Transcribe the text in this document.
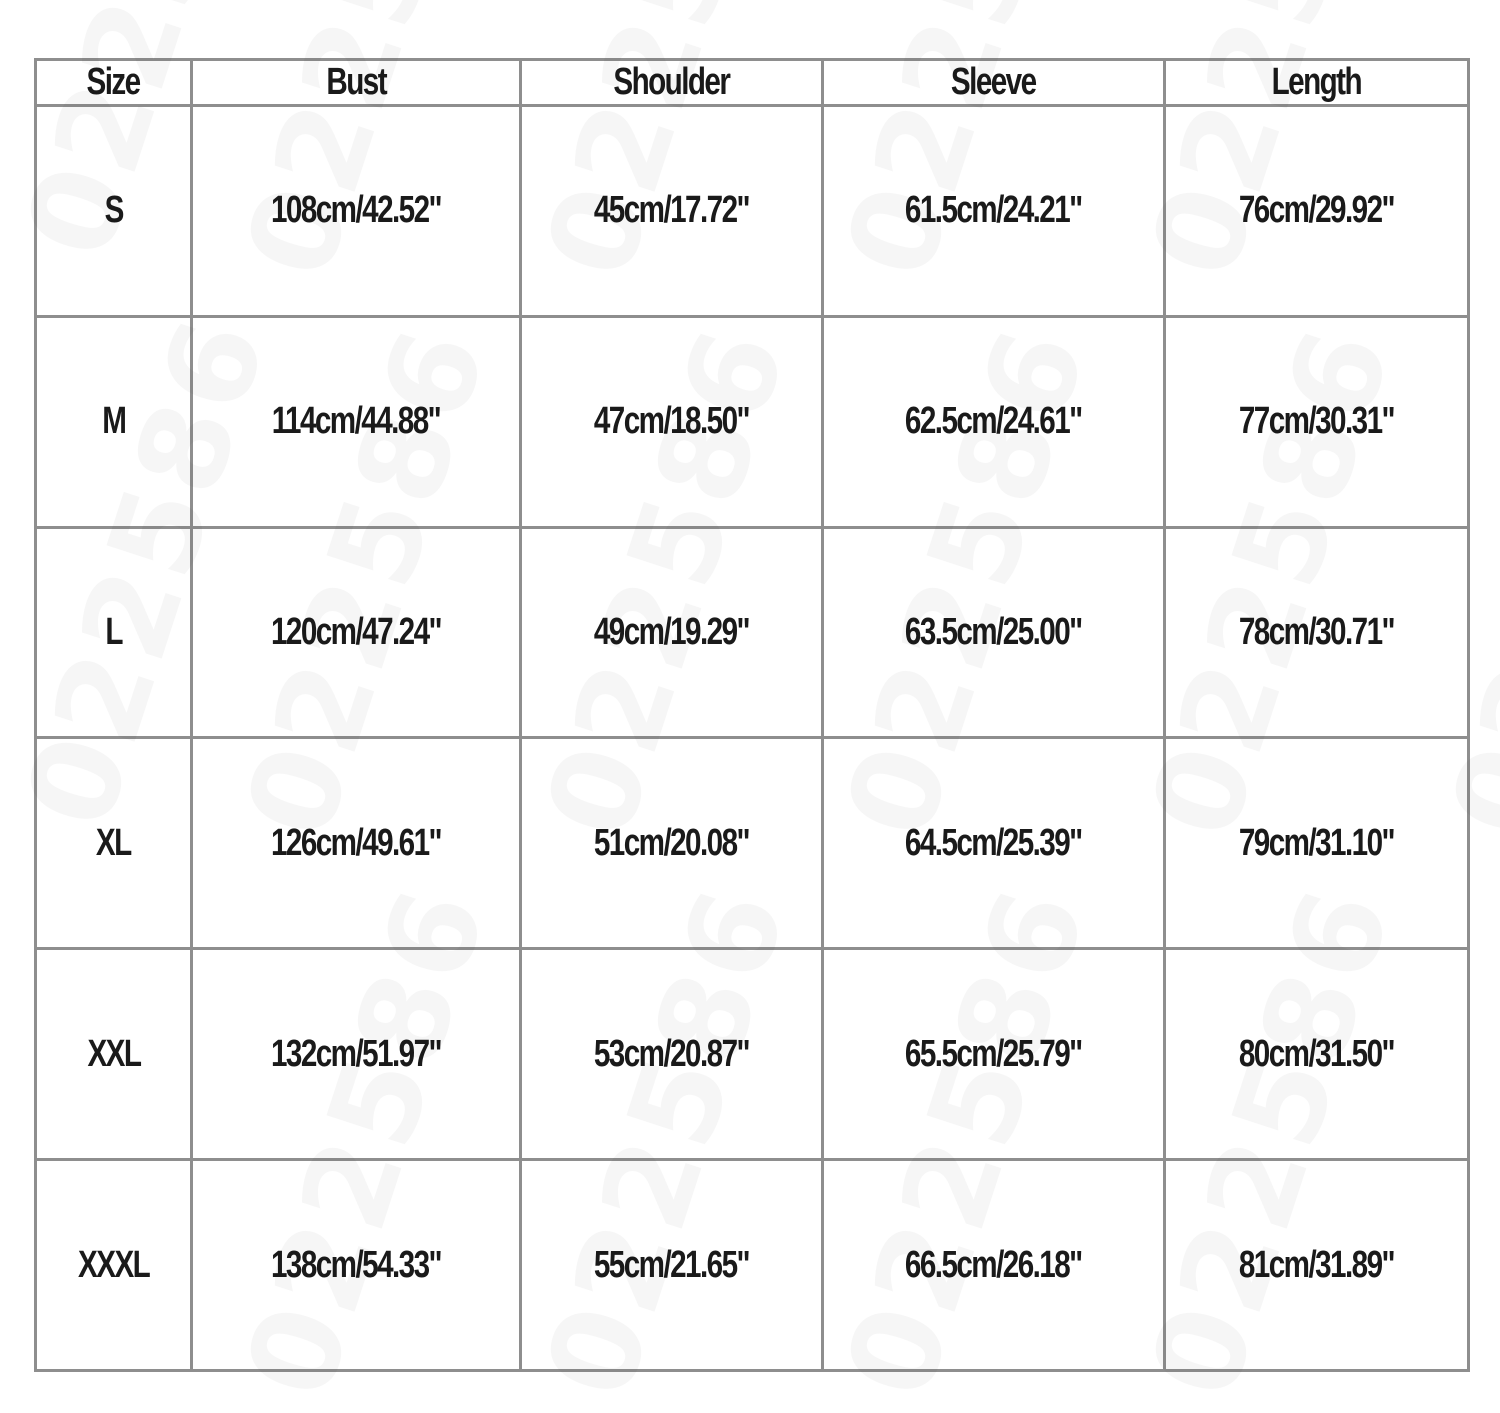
Size	Bust	Shoulder	Sleeve	Length
S	108cm/42.52"	45cm/17.72"	61.5cm/24.21"	76cm/29.92"
M	114cm/44.88"	47cm/18.50"	62.5cm/24.61"	77cm/30.31"
L	120cm/47.24"	49cm/19.29"	63.5cm/25.00"	78cm/30.71"
XL	126cm/49.61"	51cm/20.08"	64.5cm/25.39"	79cm/31.10"
XXL	132cm/51.97"	53cm/20.87"	65.5cm/25.79"	80cm/31.50"
XXXL	138cm/54.33"	55cm/21.65"	66.5cm/26.18"	81cm/31.89"
